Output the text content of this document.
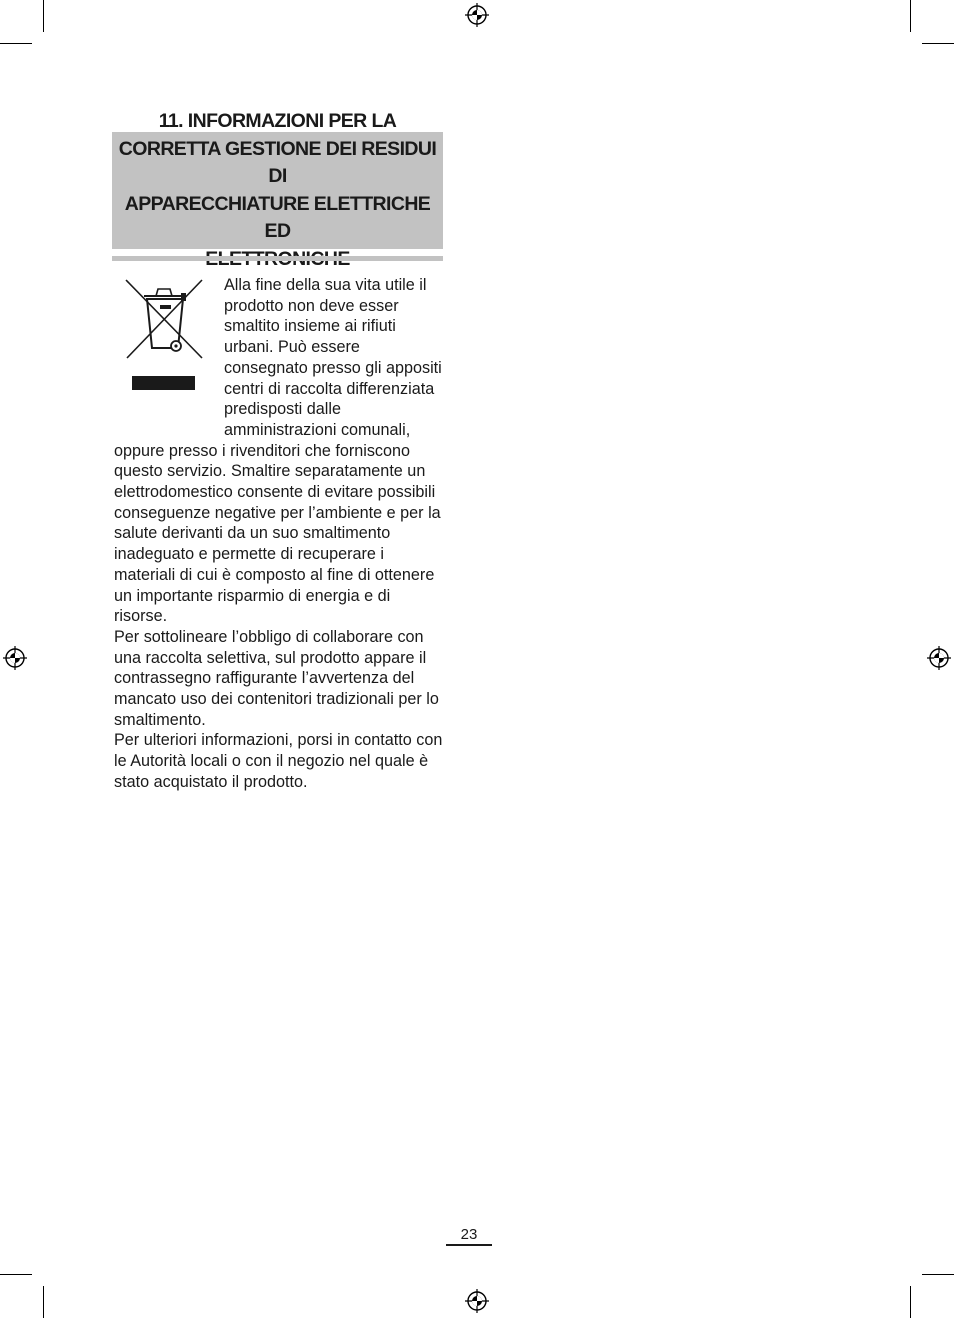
11. INFORMAZIONI PER LA
CORRETTA GESTIONE DEI RESIDUI DI
APPARECCHIATURE ELETTRICHE ED

Alla fine della sua vita utile il prodotto non deve esser smaltito insieme ai rifiuti urbani. Può essere consegnato presso gli appositi centri di raccolta differenziata predisposti dalle amministrazioni comunali, oppure presso i rivenditori che forniscono questo servizio. Smaltire separatamente un elettrodomestico consente di evitare possibili conseguenze negative per l’ambiente e per la salute derivanti da un suo smaltimento inadeguato e permette di recuperare i materiali di cui è composto al fine di ottenere un importante risparmio di energia e di risorse.

Per sottolineare l’obbligo di collaborare con una raccolta selettiva, sul prodotto appare il contrassegno raffigurante l’avvertenza del mancato uso dei contenitori tradizionali per lo smaltimento.

Per ulteriori informazioni, porsi in contatto con le Autorità locali o con il negozio nel quale è stato acquistato il prodotto.

23
